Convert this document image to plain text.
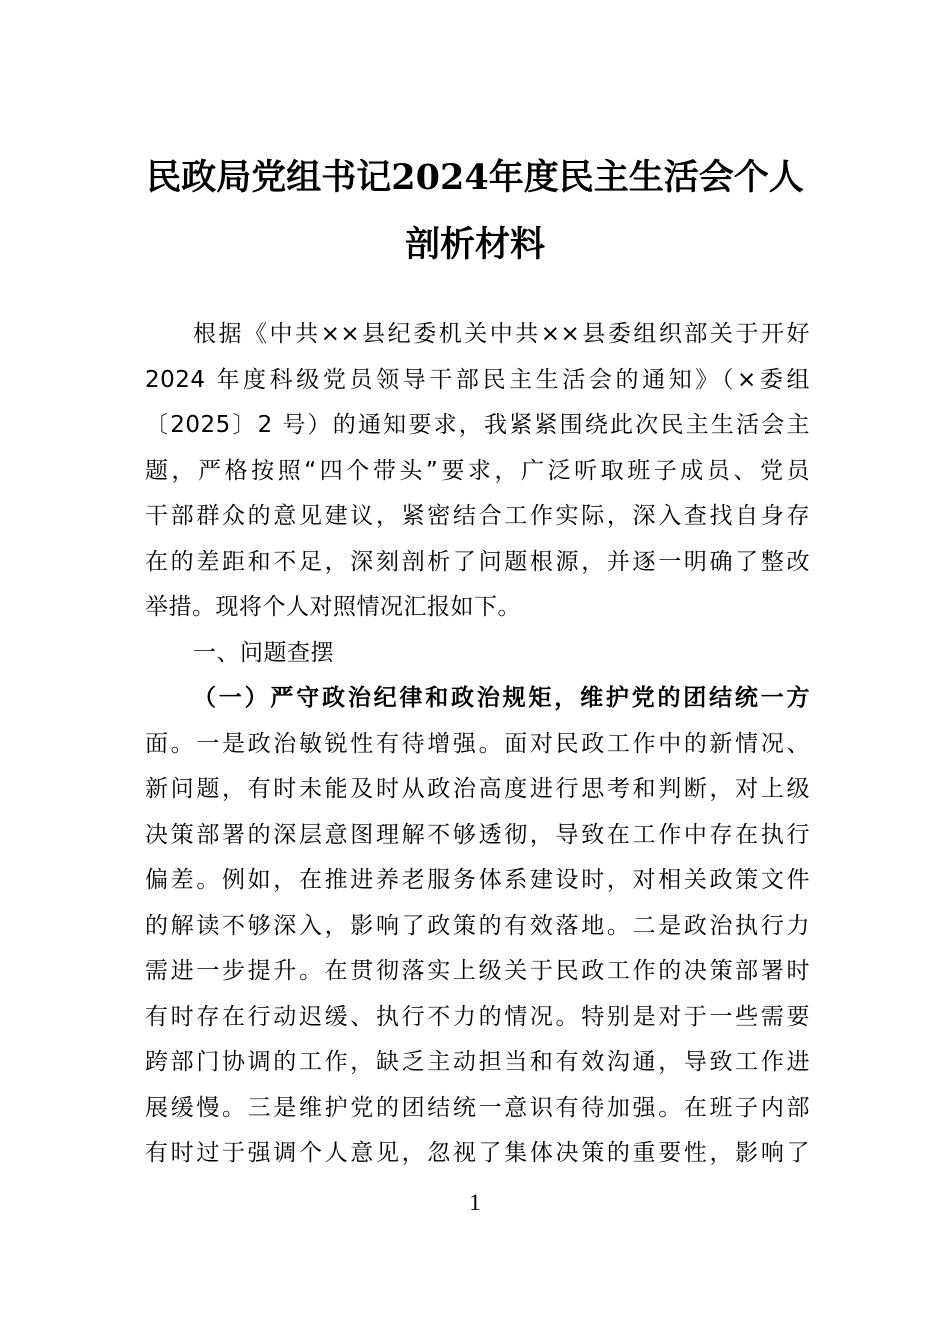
民政局党组书记2024年度民主生活会个人
剖析材料
根据《中共××县纪委机关中共××县委组织部关于开好
2024 年度科级党员领导干部民主生活会的通知》（×委组
〔2025〕2 号）的通知要求，我紧紧围绕此次民主生活会主
题，严格按照“四个带头”要求，广泛听取班子成员、党员
干部群众的意见建议，紧密结合工作实际，深入查找自身存
在的差距和不足，深刻剖析了问题根源，并逐一明确了整改
举措。现将个人对照情况汇报如下。
一、问题查摆
（一）严守政治纪律和政治规矩，维护党的团结统一方
面。一是政治敏锐性有待增强。面对民政工作中的新情况、
新问题，有时未能及时从政治高度进行思考和判断，对上级
决策部署的深层意图理解不够透彻，导致在工作中存在执行
偏差。例如，在推进养老服务体系建设时，对相关政策文件
的解读不够深入，影响了政策的有效落地。二是政治执行力
需进一步提升。在贯彻落实上级关于民政工作的决策部署时
有时存在行动迟缓、执行不力的情况。特别是对于一些需要
跨部门协调的工作，缺乏主动担当和有效沟通，导致工作进
展缓慢。三是维护党的团结统一意识有待加强。在班子内部
有时过于强调个人意见，忽视了集体决策的重要性，影响了
1
